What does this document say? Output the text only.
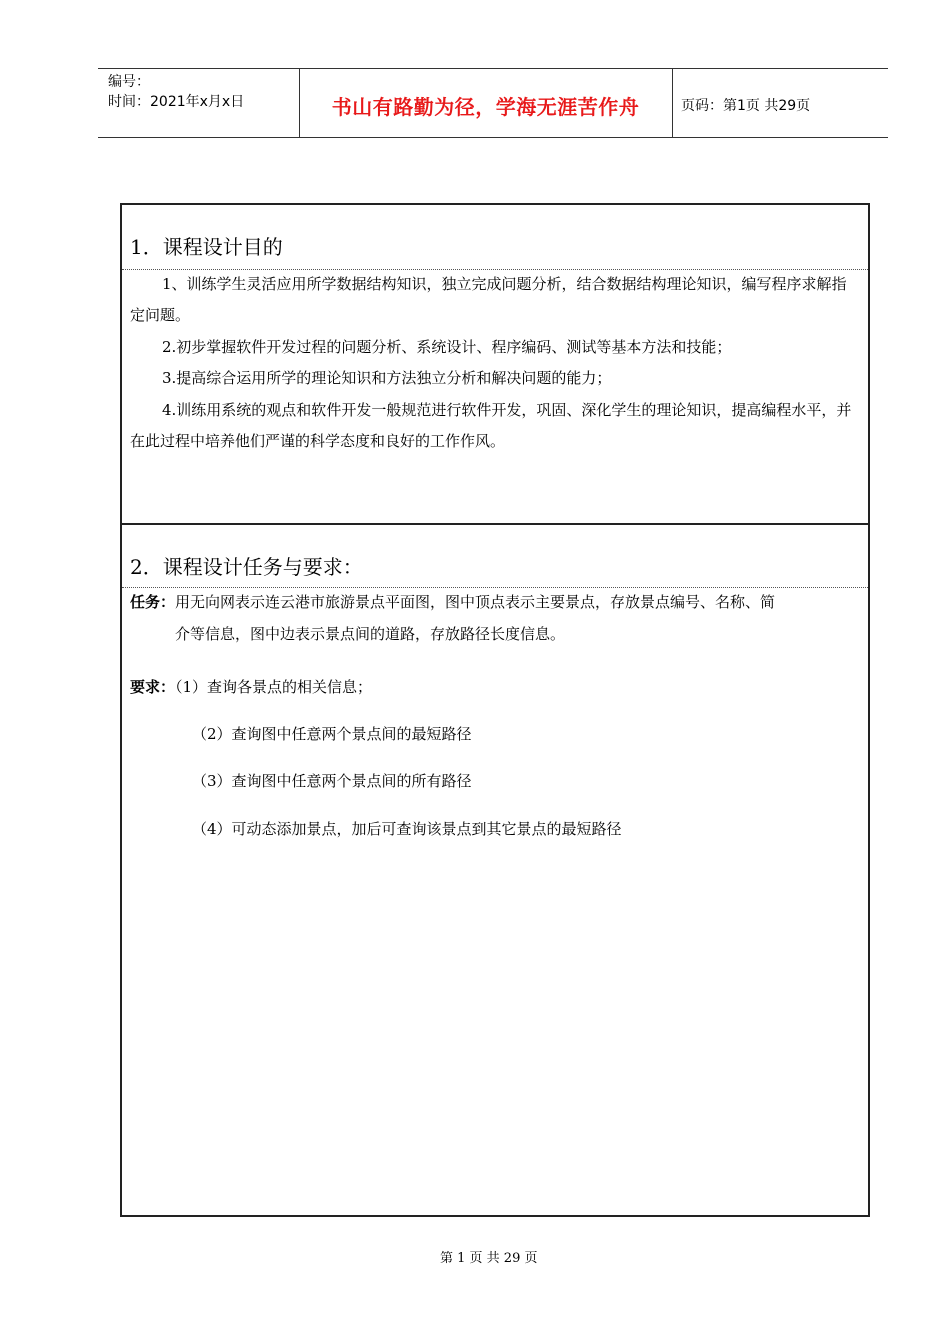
编号：
时间：2021年x月x日	书山有路勤为径，学海无涯苦作舟	页码：第1页 共29页
1．课程设计目的
1、训练学生灵活应用所学数据结构知识，独立完成问题分析，结合数据结构理论知识，编写程序求解指定问题。
2.初步掌握软件开发过程的问题分析、系统设计、程序编码、测试等基本方法和技能；
3.提高综合运用所学的理论知识和方法独立分析和解决问题的能力；
4.训练用系统的观点和软件开发一般规范进行软件开发，巩固、深化学生的理论知识，提高编程水平，并在此过程中培养他们严谨的科学态度和良好的工作作风。
2．课程设计任务与要求：
任务：用无向网表示连云港市旅游景点平面图，图中顶点表示主要景点，存放景点编号、名称、简
介等信息，图中边表示景点间的道路，存放路径长度信息。
要求：（1）查询各景点的相关信息；
（2）查询图中任意两个景点间的最短路径
（3）查询图中任意两个景点间的所有路径
（4）可动态添加景点，加后可查询该景点到其它景点的最短路径
第 1 页 共 29 页
